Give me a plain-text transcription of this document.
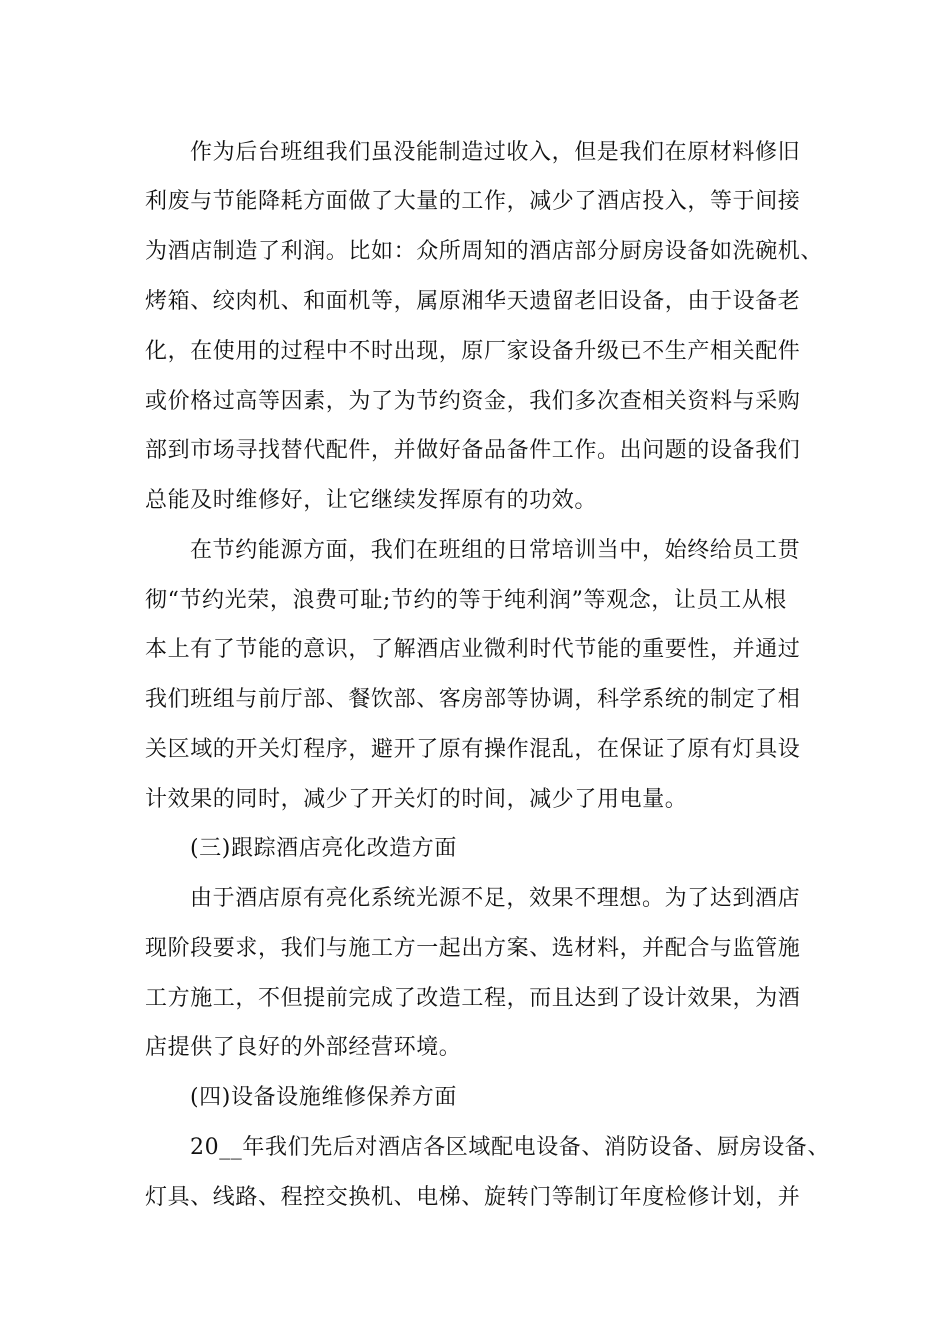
作为后台班组我们虽没能制造过收入，但是我们在原材料修旧
利废与节能降耗方面做了大量的工作，减少了酒店投入，等于间接
为酒店制造了利润。比如：众所周知的酒店部分厨房设备如洗碗机、
烤箱、绞肉机、和面机等，属原湘华天遗留老旧设备，由于设备老
化，在使用的过程中不时出现，原厂家设备升级已不生产相关配件
或价格过高等因素，为了为节约资金，我们多次查相关资料与采购
部到市场寻找替代配件，并做好备品备件工作。出问题的设备我们
总能及时维修好，让它继续发挥原有的功效。
在节约能源方面，我们在班组的日常培训当中，始终给员工贯
彻“节约光荣，浪费可耻;节约的等于纯利润”等观念，让员工从根
本上有了节能的意识，了解酒店业微利时代节能的重要性，并通过
我们班组与前厅部、餐饮部、客房部等协调，科学系统的制定了相
关区域的开关灯程序，避开了原有操作混乱，在保证了原有灯具设
计效果的同时，减少了开关灯的时间，减少了用电量。
(三)跟踪酒店亮化改造方面
由于酒店原有亮化系统光源不足，效果不理想。为了达到酒店
现阶段要求，我们与施工方一起出方案、选材料，并配合与监管施
工方施工，不但提前完成了改造工程，而且达到了设计效果，为酒
店提供了良好的外部经营环境。
(四)设备设施维修保养方面
20__年我们先后对酒店各区域配电设备、消防设备、厨房设备、
灯具、线路、程控交换机、电梯、旋转门等制订年度检修计划，并
